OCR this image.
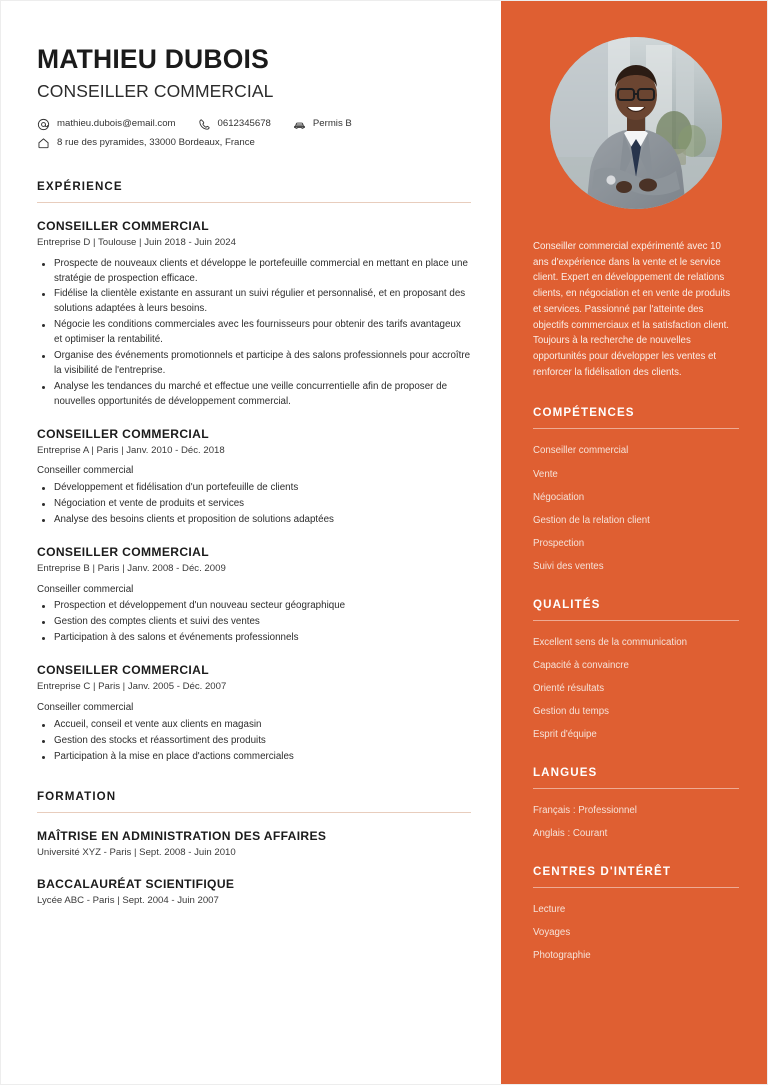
MATHIEU DUBOIS
CONSEILLER COMMERCIAL
mathieu.dubois@email.com	0612345678	Permis B
8 rue des pyramides, 33000 Bordeaux, France
EXPÉRIENCE
CONSEILLER COMMERCIAL
Entreprise D | Toulouse | Juin 2018 - Juin 2024
Prospecte de nouveaux clients et développe le portefeuille commercial en mettant en place une stratégie de prospection efficace.
Fidélise la clientèle existante en assurant un suivi régulier et personnalisé, et en proposant des solutions adaptées à leurs besoins.
Négocie les conditions commerciales avec les fournisseurs pour obtenir des tarifs avantageux et optimiser la rentabilité.
Organise des événements promotionnels et participe à des salons professionnels pour accroître la visibilité de l'entreprise.
Analyse les tendances du marché et effectue une veille concurrentielle afin de proposer de nouvelles opportunités de développement commercial.
CONSEILLER COMMERCIAL
Entreprise A | Paris | Janv. 2010 - Déc. 2018
Conseiller commercial
Développement et fidélisation d'un portefeuille de clients
Négociation et vente de produits et services
Analyse des besoins clients et proposition de solutions adaptées
CONSEILLER COMMERCIAL
Entreprise B | Paris | Janv. 2008 - Déc. 2009
Conseiller commercial
Prospection et développement d'un nouveau secteur géographique
Gestion des comptes clients et suivi des ventes
Participation à des salons et événements professionnels
CONSEILLER COMMERCIAL
Entreprise C | Paris | Janv. 2005 - Déc. 2007
Conseiller commercial
Accueil, conseil et vente aux clients en magasin
Gestion des stocks et réassortiment des produits
Participation à la mise en place d'actions commerciales
FORMATION
MAÎTRISE EN ADMINISTRATION DES AFFAIRES
Université XYZ - Paris | Sept. 2008 - Juin 2010
BACCALAURÉAT SCIENTIFIQUE
Lycée ABC - Paris | Sept. 2004 - Juin 2007

Conseiller commercial expérimenté avec 10 ans d'expérience dans la vente et le service client. Expert en développement de relations clients, en négociation et en vente de produits et services. Passionné par l'atteinte des objectifs commerciaux et la satisfaction client. Toujours à la recherche de nouvelles opportunités pour développer les ventes et renforcer la fidélisation des clients.

COMPÉTENCES
Conseiller commercial
Vente
Négociation
Gestion de la relation client
Prospection
Suivi des ventes
QUALITÉS
Excellent sens de la communication
Capacité à convaincre
Orienté résultats
Gestion du temps
Esprit d'équipe
LANGUES
Français : Professionnel
Anglais : Courant
CENTRES D'INTÉRÊT
Lecture
Voyages
Photographie
